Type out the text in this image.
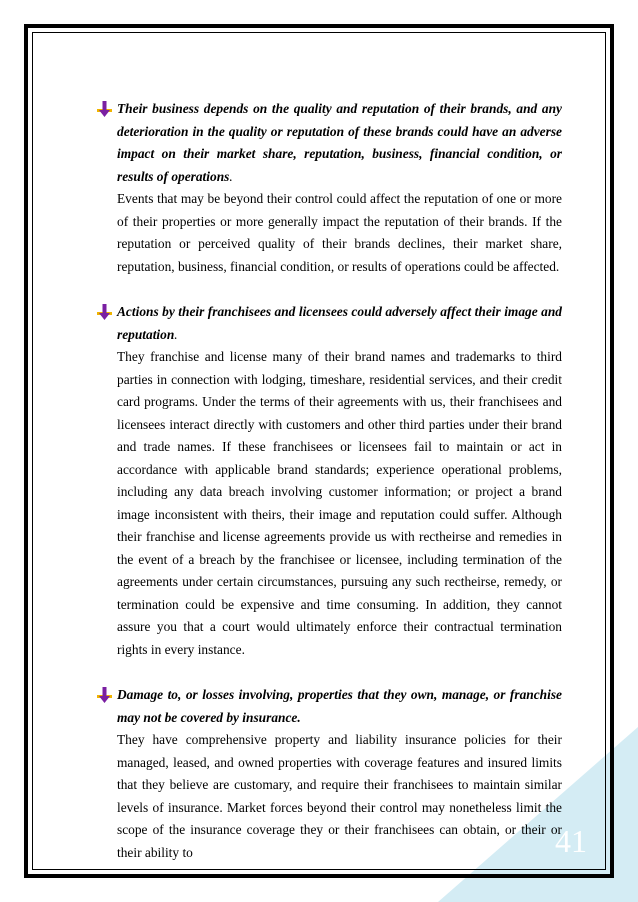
Their business depends on the quality and reputation of their brands, and any deterioration in the quality or reputation of these brands could have an adverse impact on their market share, reputation, business, financial condition, or results of operations.

Events that may be beyond their control could affect the reputation of one or more of their properties or more generally impact the reputation of their brands. If the reputation or perceived quality of their brands declines, their market share, reputation, business, financial condition, or results of operations could be affected.

Actions by their franchisees and licensees could adversely affect their image and reputation.

They franchise and license many of their brand names and trademarks to third parties in connection with lodging, timeshare, residential services, and their credit card programs. Under the terms of their agreements with us, their franchisees and licensees interact directly with customers and other third parties under their brand and trade names. If these franchisees or licensees fail to maintain or act in accordance with applicable brand standards; experience operational problems, including any data breach involving customer information; or project a brand image inconsistent with theirs, their image and reputation could suffer. Although their franchise and license agreements provide us with rectheirse and remedies in the event of a breach by the franchisee or licensee, including termination of the agreements under certain circumstances, pursuing any such rectheirse, remedy, or termination could be expensive and time consuming. In addition, they cannot assure you that a court would ultimately enforce their contractual termination rights in every instance.

Damage to, or losses involving, properties that they own, manage, or franchise may not be covered by insurance.

They have comprehensive property and liability insurance policies for their managed, leased, and owned properties with coverage features and insured limits that they believe are customary, and require their franchisees to maintain similar levels of insurance. Market forces beyond their control may nonetheless limit the scope of the insurance coverage they or their franchisees can obtain, or their or their ability to	41
